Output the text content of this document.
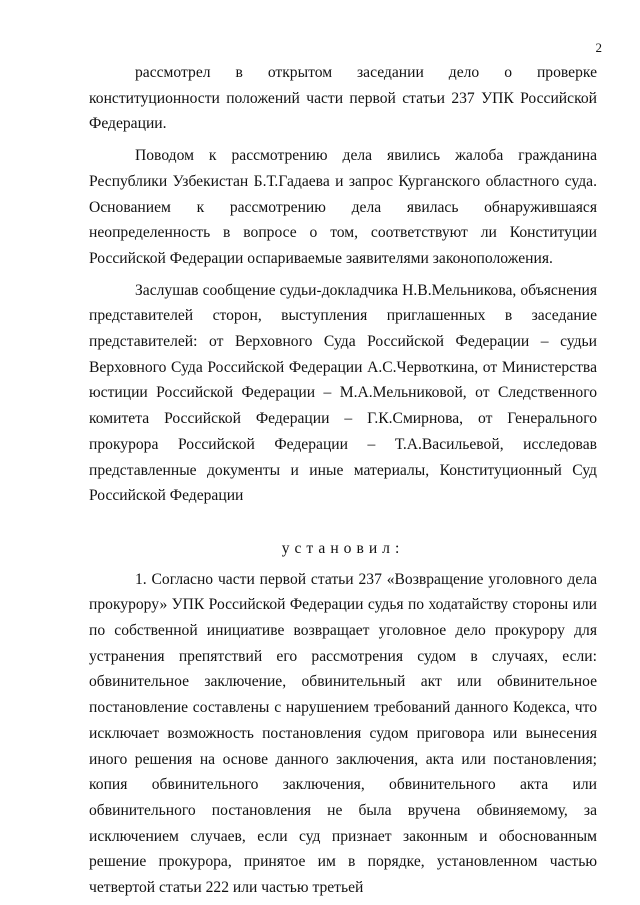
2

рассмотрел в открытом заседании дело о проверке конституционности положений части первой статьи 237 УПК Российской Федерации.

Поводом к рассмотрению дела явились жалоба гражданина Республики Узбекистан Б.Т.Гадаева и запрос Курганского областного суда. Основанием к рассмотрению дела явилась обнаружившаяся неопределенность в вопросе о том, соответствуют ли Конституции Российской Федерации оспариваемые заявителями законоположения.

Заслушав сообщение судьи-докладчика Н.В.Мельникова, объяснения представителей сторон, выступления приглашенных в заседание представителей: от Верховного Суда Российской Федерации – судьи Верховного Суда Российской Федерации А.С.Червоткина, от Министерства юстиции Российской Федерации – М.А.Мельниковой, от Следственного комитета Российской Федерации – Г.К.Смирнова, от Генерального прокурора Российской Федерации – Т.А.Васильевой, исследовав представленные документы и иные материалы, Конституционный Суд Российской Федерации

установил:

1. Согласно части первой статьи 237 «Возвращение уголовного дела прокурору» УПК Российской Федерации судья по ходатайству стороны или по собственной инициативе возвращает уголовное дело прокурору для устранения препятствий его рассмотрения судом в случаях, если: обвинительное заключение, обвинительный акт или обвинительное постановление составлены с нарушением требований данного Кодекса, что исключает возможность постановления судом приговора или вынесения иного решения на основе данного заключения, акта или постановления; копия обвинительного заключения, обвинительного акта или обвинительного постановления не была вручена обвиняемому, за исключением случаев, если суд признает законным и обоснованным решение прокурора, принятое им в порядке, установленном частью четвертой статьи 222 или частью третьей
